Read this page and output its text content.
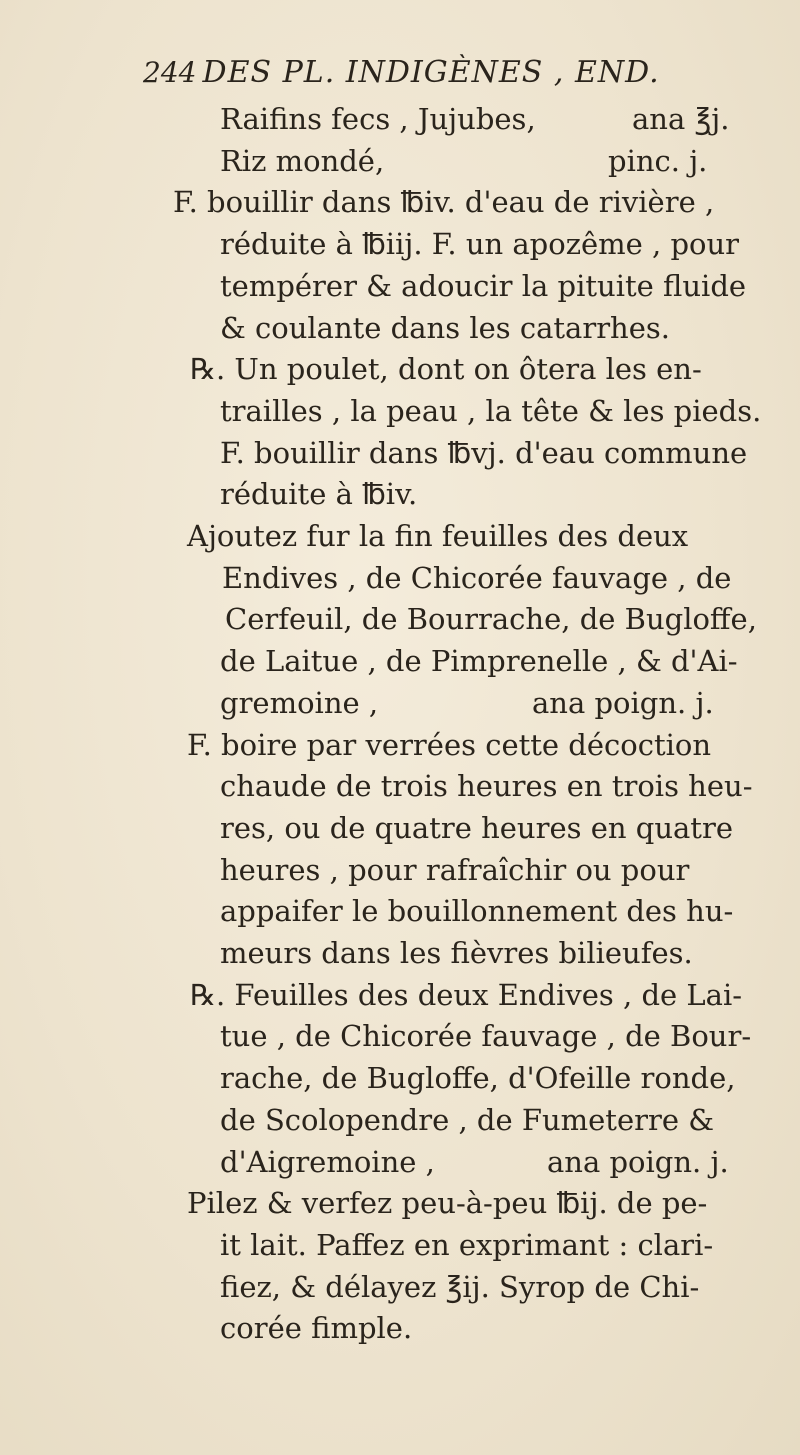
244 DES PL. INDIGÈNES , END.
Raifins fecs , Jujubes,	ana ℥j.
Riz mondé,	pinc. j.
F. bouillir dans ℔iv. d'eau de rivière ,
réduite à ℔iij. F. un apozême , pour
tempérer & adoucir la pituite fluide
& coulante dans les catarrhes.
℞. Un poulet, dont on ôtera les en-
trailles , la peau , la tête & les pieds.
F. bouillir dans ℔vj. d'eau commune
réduite à ℔iv.
Ajoutez fur la fin feuilles des deux
Endives , de Chicorée fauvage , de
Cerfeuil, de Bourrache, de Bugloffe,
de Laitue , de Pimprenelle , & d'Ai-
gremoine ,	ana poign. j.
F. boire par verrées cette décoction
chaude de trois heures en trois heu-
res, ou de quatre heures en quatre
heures , pour rafraîchir ou pour
appaifer le bouillonnement des hu-
meurs dans les fièvres bilieufes.
℞. Feuilles des deux Endives , de Lai-
tue , de Chicorée fauvage , de Bour-
rache, de Bugloffe, d'Ofeille ronde,
de Scolopendre , de Fumeterre &
d'Aigremoine ,	ana poign. j.
Pilez & verfez peu-à-peu ℔ij. de pe-
it lait. Paffez en exprimant : clari-
fiez, & délayez ℥ij. Syrop de Chi-
corée fimple.
